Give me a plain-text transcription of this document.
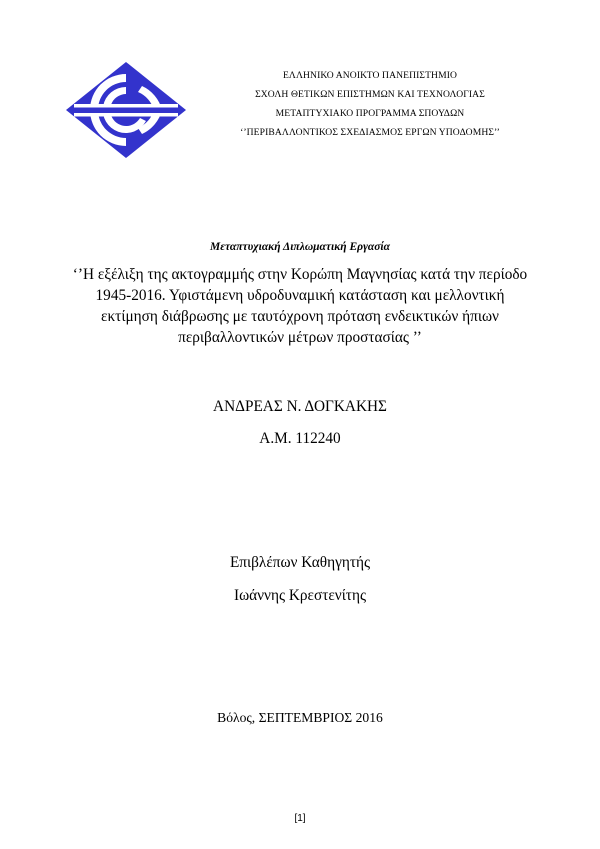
ΕΛΛΗΝΙΚΟ ΑΝΟΙΚΤΟ ΠΑΝΕΠΙΣΤΗΜΙΟ
ΣΧΟΛΗ ΘΕΤΙΚΩΝ ΕΠΙΣΤΗΜΩΝ ΚΑΙ ΤΕΧΝΟΛΟΓΙΑΣ
ΜΕΤΑΠΤΥΧΙΑΚΟ ΠΡΟΓΡΑΜΜΑ ΣΠΟΥΔΩΝ
‘’ΠΕΡΙΒΑΛΛΟΝΤΙΚΟΣ ΣΧΕΔΙΑΣΜΟΣ ΕΡΓΩΝ ΥΠΟΔΟΜΗΣ’’
Μεταπτυχιακή Διπλωματική Εργασία
‘’Η εξέλιξη της ακτογραμμής στην Κορώπη Μαγνησίας κατά την περίοδο
1945-2016. Υφιστάμενη υδροδυναμική κατάσταση και μελλοντική
εκτίμηση διάβρωσης με ταυτόχρονη πρόταση ενδεικτικών ήπιων
περιβαλλοντικών μέτρων προστασίας ’’
ΑΝΔΡΕΑΣ Ν. ΔΟΓΚΑΚΗΣ
Α.Μ. 112240
Επιβλέπων Καθηγητής
Ιωάννης Κρεστενίτης
Βόλος, ΣΕΠΤΕΜΒΡΙΟΣ 2016
[1]
